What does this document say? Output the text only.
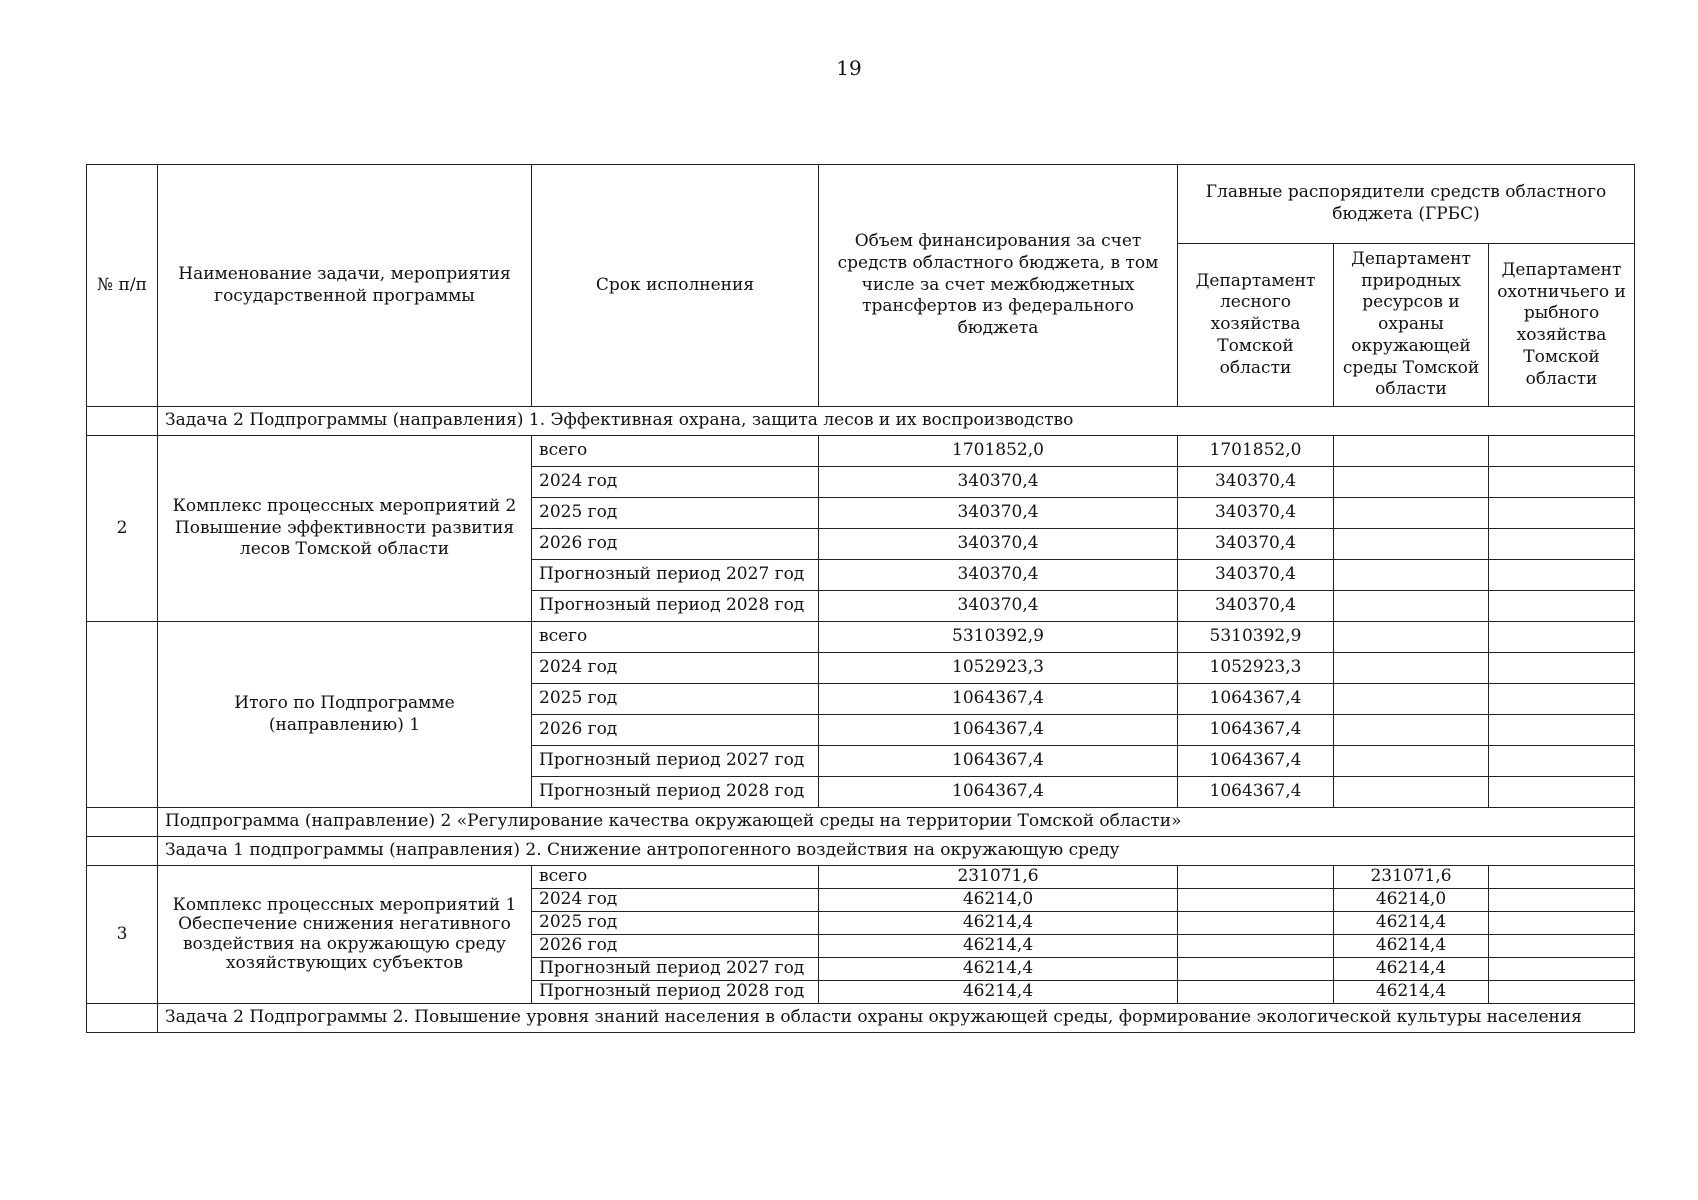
19
№ п/п	Наименование задачи, мероприятия государственной программы	Срок исполнения	Объем финансирования за счет средств областного бюджета, в том числе за счет межбюджетных трансфертов из федерального бюджета	Главные распорядители средств областного бюджета (ГРБС)		
				Департамент лесного хозяйства Томской области	Департамент природных ресурсов и охраны окружающей среды Томской области	Департамент охотничьего и рыбного хозяйства Томской области
	Задача 2 Подпрограммы (направления) 1. Эффективная охрана, защита лесов и их воспроизводство					
2	Комплекс процессных мероприятий 2 Повышение эффективности развития лесов Томской области	всего	1701852,0	1701852,0		
		2024 год	340370,4	340370,4		
		2025 год	340370,4	340370,4		
		2026 год	340370,4	340370,4		
		Прогнозный период 2027 год	340370,4	340370,4		
		Прогнозный период 2028 год	340370,4	340370,4		
	Итого по Подпрограмме (направлению) 1	всего	5310392,9	5310392,9		
		2024 год	1052923,3	1052923,3		
		2025 год	1064367,4	1064367,4		
		2026 год	1064367,4	1064367,4		
		Прогнозный период 2027 год	1064367,4	1064367,4		
		Прогнозный период 2028 год	1064367,4	1064367,4		
	Подпрограмма (направление) 2 «Регулирование качества окружающей среды на территории Томской области»					
	Задача 1 подпрограммы (направления) 2. Снижение антропогенного воздействия на окружающую среду					
3	Комплекс процессных мероприятий 1 Обеспечение снижения негативного воздействия на окружающую среду хозяйствующих субъектов	всего	231071,6		231071,6	
		2024 год	46214,0		46214,0	
		2025 год	46214,4		46214,4	
		2026 год	46214,4		46214,4	
		Прогнозный период 2027 год	46214,4		46214,4	
		Прогнозный период 2028 год	46214,4		46214,4	
	Задача 2 Подпрограммы 2. Повышение уровня знаний населения в области охраны окружающей среды, формирование экологической культуры населения					
